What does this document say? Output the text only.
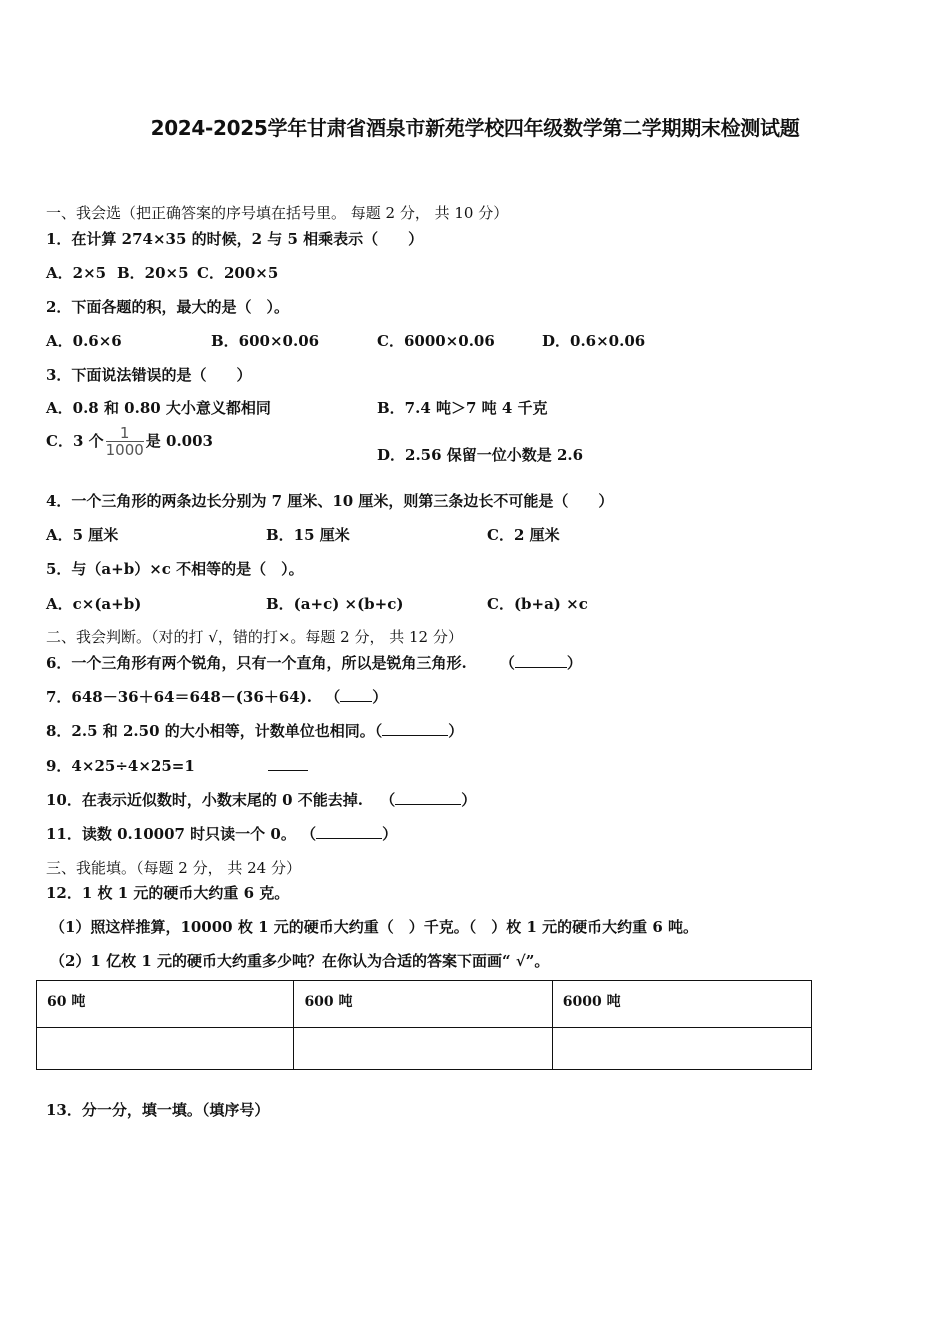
2024-2025学年甘肃省酒泉市新苑学校四年级数学第二学期期末检测试题
一、我会选（把正确答案的序号填在括号里。 每题 2 分， 共 10 分）
1．在计算 274×35 的时候，2 与 5 相乘表示（　　）
A．2×5 B．20×5 C．200×5
2．下面各题的积，最大的是（　）。
A．0.6×6	B．600×0.06	C．6000×0.06	D．0.6×0.06
3．下面说法错误的是（　　）
A．0.8 和 0.80 大小意义都相同	B．7.4 吨＞7 吨 4 千克
C．3 个 $\frac{1}{1000}$ 是 0.003
D．2.56 保留一位小数是 2.6
4．一个三角形的两条边长分别为 7 厘米、10 厘米，则第三条边长不可能是（　　）
A．5 厘米	B．15 厘米	C．2 厘米
5．与（a+b）×c 不相等的是（　）。
A．c×(a+b)	B．(a+c) ×(b+c)	C．(b+a) ×c
二、我会判断。（对的打 √，错的打×。每题 2 分， 共 12 分）
6．一个三角形有两个锐角，只有一个直角，所以是锐角三角形. （	）
7．648－36＋64＝648－(36＋64). （ ）
8．2.5 和 2.50 的大小相等，计数单位也相同。（	）
9．4×25÷4×25=1
10．在表示近似数时，小数末尾的 0 不能去掉. （	）
11．读数 0.10007 时只读一个 0。 （	）
三、我能填。（每题 2 分， 共 24 分）
12．1 枚 1 元的硬币大约重 6 克。
（1）照这样推算，10000 枚 1 元的硬币大约重（　）千克。（　）枚 1 元的硬币大约重 6 吨。
（2）1 亿枚 1 元的硬币大约重多少吨？在你认为合适的答案下面画“ √”。
60 吨	600 吨	6000 吨

13．分一分，填一填。（填序号）
